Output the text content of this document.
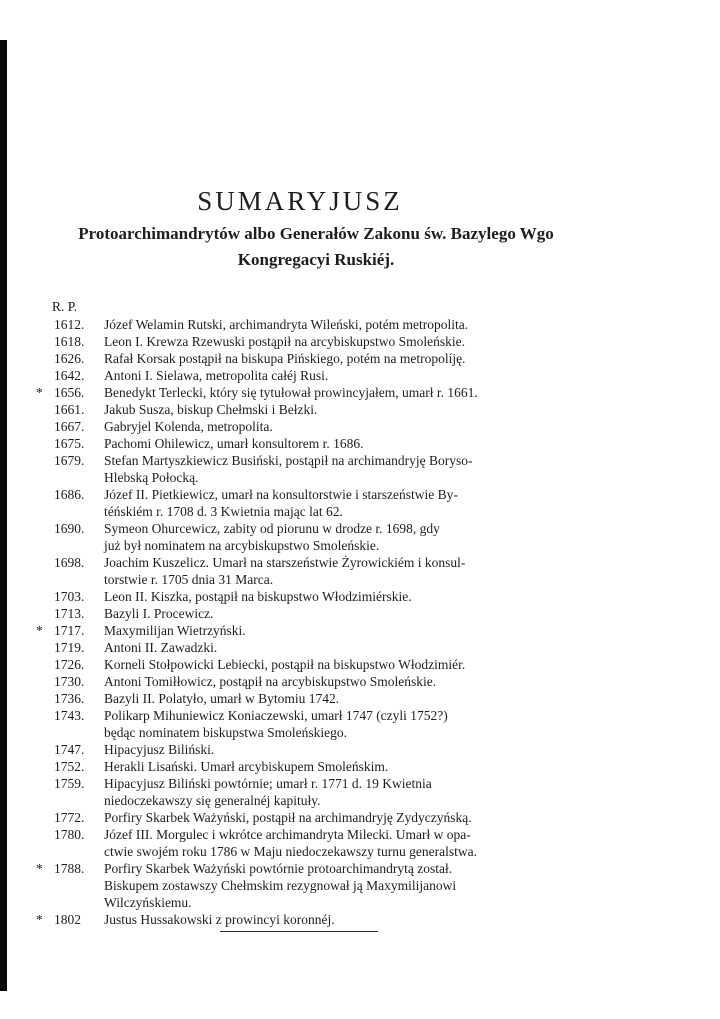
SUMARYJUSZ
Protoarchimandrytów albo Generałów Zakonu św. Bazylego Wgo
Kongregacyi Ruskiéj.
R. P.
1612.	Józef Welamin Rutski, archimandryta Wileński, potém metropolita.
1618.	Leon I. Krewza Rzewuski postąpił na arcybiskupstwo Smoleńskie.
1626.	Rafał Korsak postąpił na biskupa Pińskiego, potém na metropolíję.
1642.	Antoni I. Sielawa, metropolita całéj Rusi.
* 1656.	Benedykt Terlecki, który się tytułował prowincyjałem, umarł r. 1661.
1661.	Jakub Susza, biskup Chełmski i Bełzki.
1667.	Gabryjel Kolenda, metropolita.
1675.	Pachomi Ohilewicz, umarł konsultorem r. 1686.
1679.	Stefan Martyszkiewicz Busiński, postąpił na archimandryję Boryso-
Hlebską Połocką.
1686.	Józef II. Pietkiewicz, umarł na konsultorstwie i starszeństwie By-
téńskiém r. 1708 d. 3 Kwietnia mając lat 62.
1690.	Symeon Ohurcewicz, zabity od piorunu w drodze r. 1698, gdy
już był nominatem na arcybiskupstwo Smoleńskie.
1698.	Joachim Kuszelicz. Umarł na starszeństwie Żyrowickiém i konsul-
torstwie r. 1705 dnia 31 Marca.
1703.	Leon II. Kiszka, postąpił na biskupstwo Włodzimiérskie.
1713.	Bazyli I. Procewicz.
* 1717.	Maxymilijan Wietrzyński.
1719.	Antoni II. Zawadzki.
1726.	Korneli Stołpowicki Lebiecki, postąpił na biskupstwo Włodzimiér.
1730.	Antoni Tomiłłowicz, postąpił na arcybiskupstwo Smoleńskie.
1736.	Bazyli II. Polatyło, umarł w Bytomiu 1742.
1743.	Polikarp Mihuniewicz Koniaczewski, umarł 1747 (czyli 1752?)
będąc nominatem biskupstwa Smoleńskiego.
1747.	Hipacyjusz Biliński.
1752.	Herakli Lisański. Umarł arcybiskupem Smoleńskim.
1759.	Hipacyjusz Biliński powtórnie; umarł r. 1771 d. 19 Kwietnia
niedoczekawszy się generalnéj kapituły.
1772.	Porfiry Skarbek Ważyński, postąpił na archimandryję Zydyczyńską.
1780.	Józef III. Morgulec i wkrótce archimandryta Milecki. Umarł w opa-
ctwie swojém roku 1786 w Maju niedoczekawszy turnu generalstwa.
* 1788.	Porfiry Skarbek Ważyński powtórnie protoarchimandrytą został.
Biskupem zostawszy Chełmskim rezygnował ją Maxymilijanowi
Wilczyńskiemu.
* 1802	Justus Hussakowski z prowincyi koronnéj.
